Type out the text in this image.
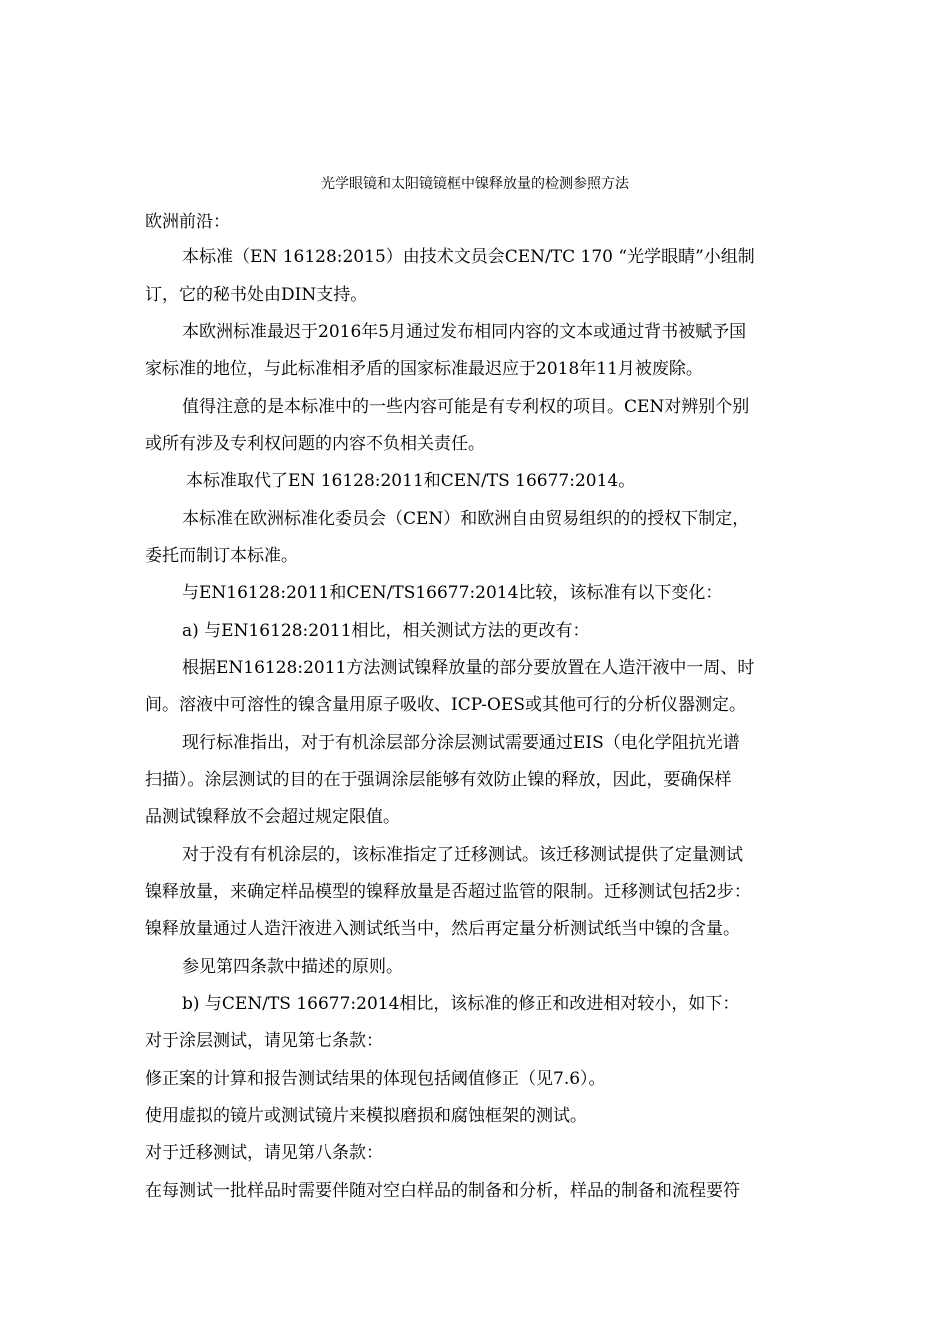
光学眼镜和太阳镜镜框中镍释放量的检测参照方法
欧洲前沿：
本标准（EN 16128:2015）由技术文员会CEN/TC 170 “光学眼睛”小组制
订，它的秘书处由DIN支持。
本欧洲标准最迟于2016年5月通过发布相同内容的文本或通过背书被赋予国
家标准的地位，与此标准相矛盾的国家标准最迟应于2018年11月被废除。
值得注意的是本标准中的一些内容可能是有专利权的项目。CEN对辨别个别
或所有涉及专利权问题的内容不负相关责任。
本标准取代了EN 16128:2011和CEN/TS 16677:2014。
本标准在欧洲标准化委员会（CEN）和欧洲自由贸易组织的的授权下制定，
委托而制订本标准。
与EN16128:2011和CEN/TS16677:2014比较，该标准有以下变化：
a) 与EN16128:2011相比，相关测试方法的更改有：
根据EN16128:2011方法测试镍释放量的部分要放置在人造汗液中一周、时
间。溶液中可溶性的镍含量用原子吸收、ICP-OES或其他可行的分析仪器测定。
现行标准指出，对于有机涂层部分涂层测试需要通过EIS（电化学阻抗光谱
扫描）。涂层测试的目的在于强调涂层能够有效防止镍的释放，因此，要确保样
品测试镍释放不会超过规定限值。
对于没有有机涂层的，该标准指定了迁移测试。该迁移测试提供了定量测试
镍释放量，来确定样品模型的镍释放量是否超过监管的限制。迁移测试包括2步：
镍释放量通过人造汗液进入测试纸当中，然后再定量分析测试纸当中镍的含量。
参见第四条款中描述的原则。
b) 与CEN/TS 16677:2014相比，该标准的修正和改进相对较小，如下：
对于涂层测试，请见第七条款：
修正案的计算和报告测试结果的体现包括阈值修正（见7.6）。
使用虚拟的镜片或测试镜片来模拟磨损和腐蚀框架的测试。
对于迁移测试，请见第八条款：
在每测试一批样品时需要伴随对空白样品的制备和分析，样品的制备和流程要符
